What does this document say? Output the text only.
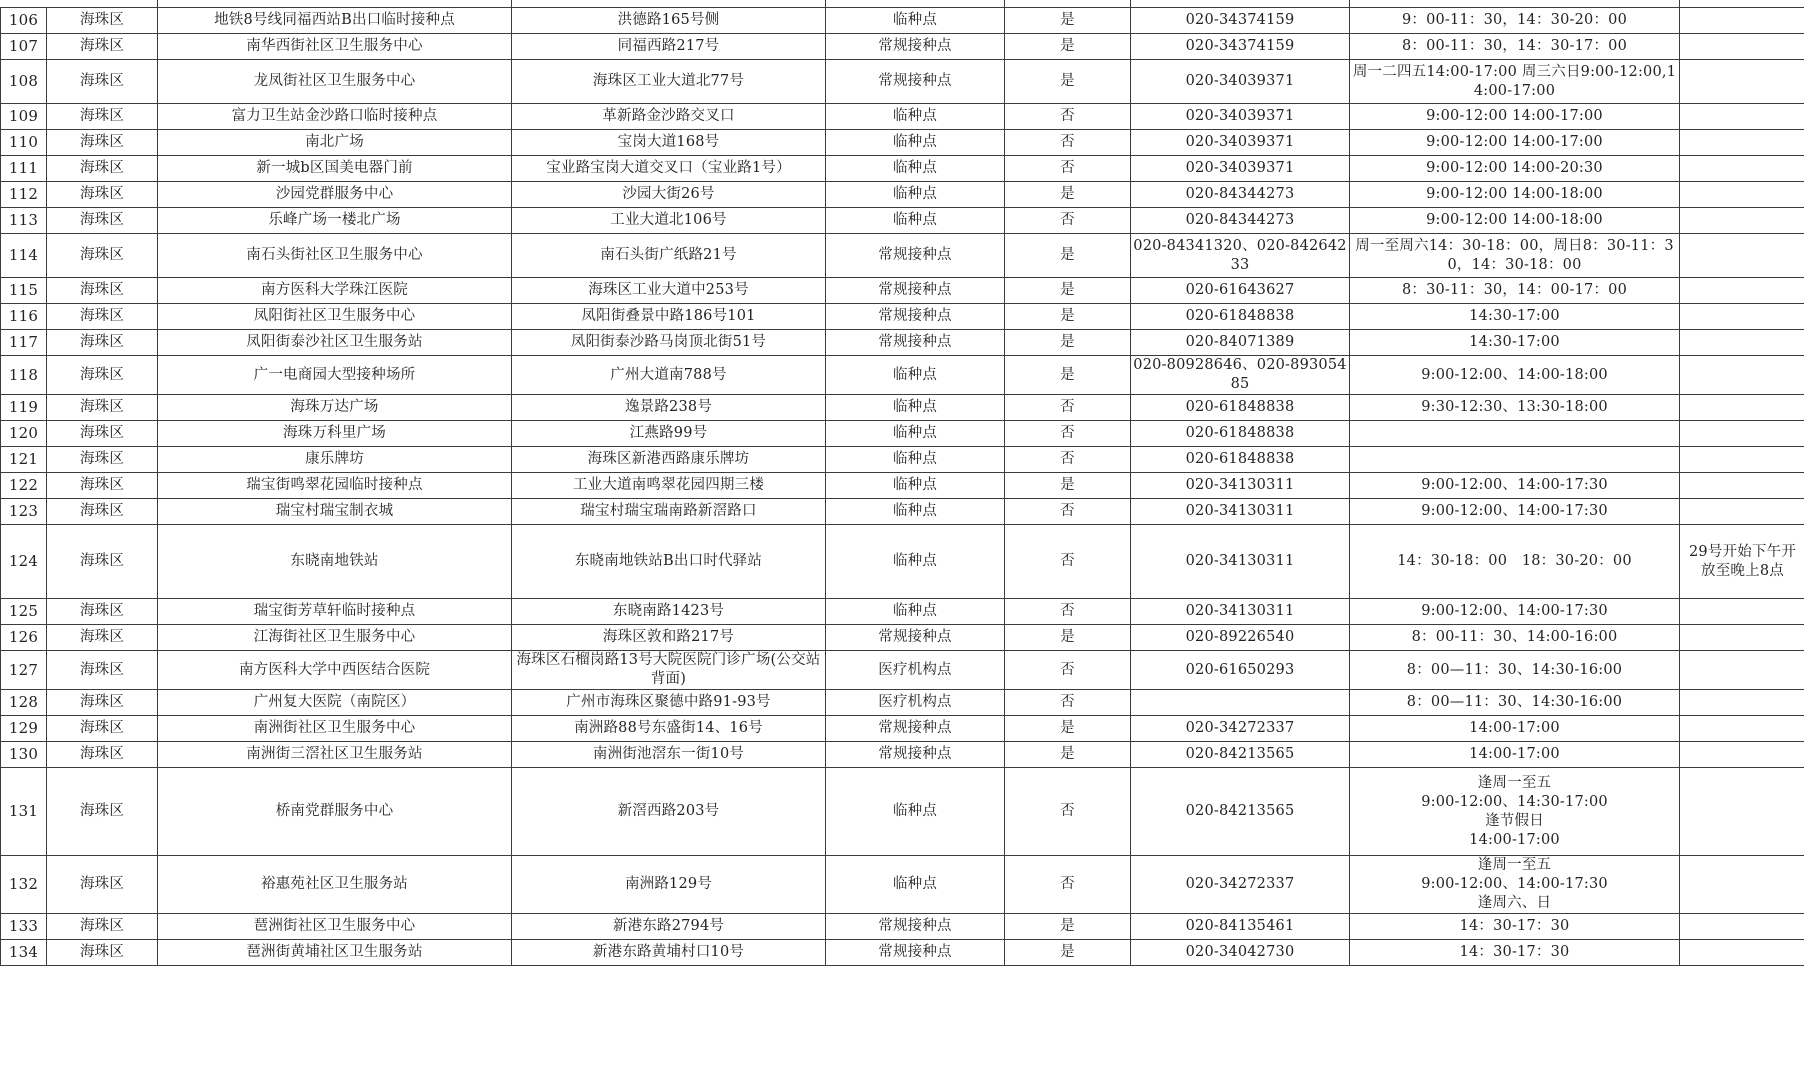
106	海珠区	地铁8号线同福西站B出口临时接种点	洪德路165号侧	临种点	是	020-34374159	9：00-11：30，14：30-20：00	
107	海珠区	南华西街社区卫生服务中心	同福西路217号	常规接种点	是	020-34374159	8：00-11：30，14：30-17：00	
108	海珠区	龙凤街社区卫生服务中心	海珠区工业大道北77号	常规接种点	是	020-34039371	周一二四五14:00-17:00 周三六日9:00-12:00,14:00-17:00	
109	海珠区	富力卫生站金沙路口临时接种点	革新路金沙路交叉口	临种点	否	020-34039371	9:00-12:00 14:00-17:00	
110	海珠区	南北广场	宝岗大道168号	临种点	否	020-34039371	9:00-12:00 14:00-17:00	
111	海珠区	新一城b区国美电器门前	宝业路宝岗大道交叉口（宝业路1号）	临种点	否	020-34039371	9:00-12:00 14:00-20:30	
112	海珠区	沙园党群服务中心	沙园大街26号	临种点	是	020-84344273	9:00-12:00 14:00-18:00	
113	海珠区	乐峰广场一楼北广场	工业大道北106号	临种点	否	020-84344273	9:00-12:00 14:00-18:00	
114	海珠区	南石头街社区卫生服务中心	南石头街广纸路21号	常规接种点	是	020-84341320、020-84264233	周一至周六14：30-18：00，周日8：30-11：30，14：30-18：00	
115	海珠区	南方医科大学珠江医院	海珠区工业大道中253号	常规接种点	是	020-61643627	8：30-11：30，14：00-17：00	
116	海珠区	凤阳街社区卫生服务中心	凤阳街叠景中路186号101	常规接种点	是	020-61848838	14:30-17:00	
117	海珠区	凤阳街泰沙社区卫生服务站	凤阳街泰沙路马岗顶北街51号	常规接种点	是	020-84071389	14:30-17:00	
118	海珠区	广一电商园大型接种场所	广州大道南788号	临种点	是	020-80928646、020-89305485	9:00-12:00、14:00-18:00	
119	海珠区	海珠万达广场	逸景路238号	临种点	否	020-61848838	9:30-12:30、13:30-18:00	
120	海珠区	海珠万科里广场	江燕路99号	临种点	否	020-61848838		
121	海珠区	康乐牌坊	海珠区新港西路康乐牌坊	临种点	否	020-61848838		
122	海珠区	瑞宝街鸣翠花园临时接种点	工业大道南鸣翠花园四期三楼	临种点	是	020-34130311	9:00-12:00、14:00-17:30	
123	海珠区	瑞宝村瑞宝制衣城	瑞宝村瑞宝瑞南路新滘路口	临种点	否	020-34130311	9:00-12:00、14:00-17:30	
124	海珠区	东晓南地铁站	东晓南地铁站B出口时代驿站	临种点	否	020-34130311	14：30-18：00　18：30-20：00	29号开始下午开放至晚上8点
125	海珠区	瑞宝街芳草轩临时接种点	东晓南路1423号	临种点	否	020-34130311	9:00-12:00、14:00-17:30	
126	海珠区	江海街社区卫生服务中心	海珠区敦和路217号	常规接种点	是	020-89226540	8：00-11：30、14:00-16:00	
127	海珠区	南方医科大学中西医结合医院	海珠区石榴岗路13号大院医院门诊广场(公交站背面)	医疗机构点	否	020-61650293	8：00—11：30、14:30-16:00	
128	海珠区	广州复大医院（南院区）	广州市海珠区聚德中路91-93号	医疗机构点	否		8：00—11：30、14:30-16:00	
129	海珠区	南洲街社区卫生服务中心	南洲路88号东盛街14、16号	常规接种点	是	020-34272337	14:00-17:00	
130	海珠区	南洲街三滘社区卫生服务站	南洲街池滘东一街10号	常规接种点	是	020-84213565	14:00-17:00	
131	海珠区	桥南党群服务中心	新滘西路203号	临种点	否	020-84213565	逢周一至五
9:00-12:00、14:30-17:00
逢节假日
14:00-17:00	

132	海珠区	裕惠苑社区卫生服务站	南洲路129号	临种点	否	020-34272337	逢周一至五
9:00-12:00、14:00-17:30
逢周六、日	

133	海珠区	琶洲街社区卫生服务中心	新港东路2794号	常规接种点	是	020-84135461	14：30-17：30	
134	海珠区	琶洲街黄埔社区卫生服务站	新港东路黄埔村口10号	常规接种点	是	020-34042730	14：30-17：30	
